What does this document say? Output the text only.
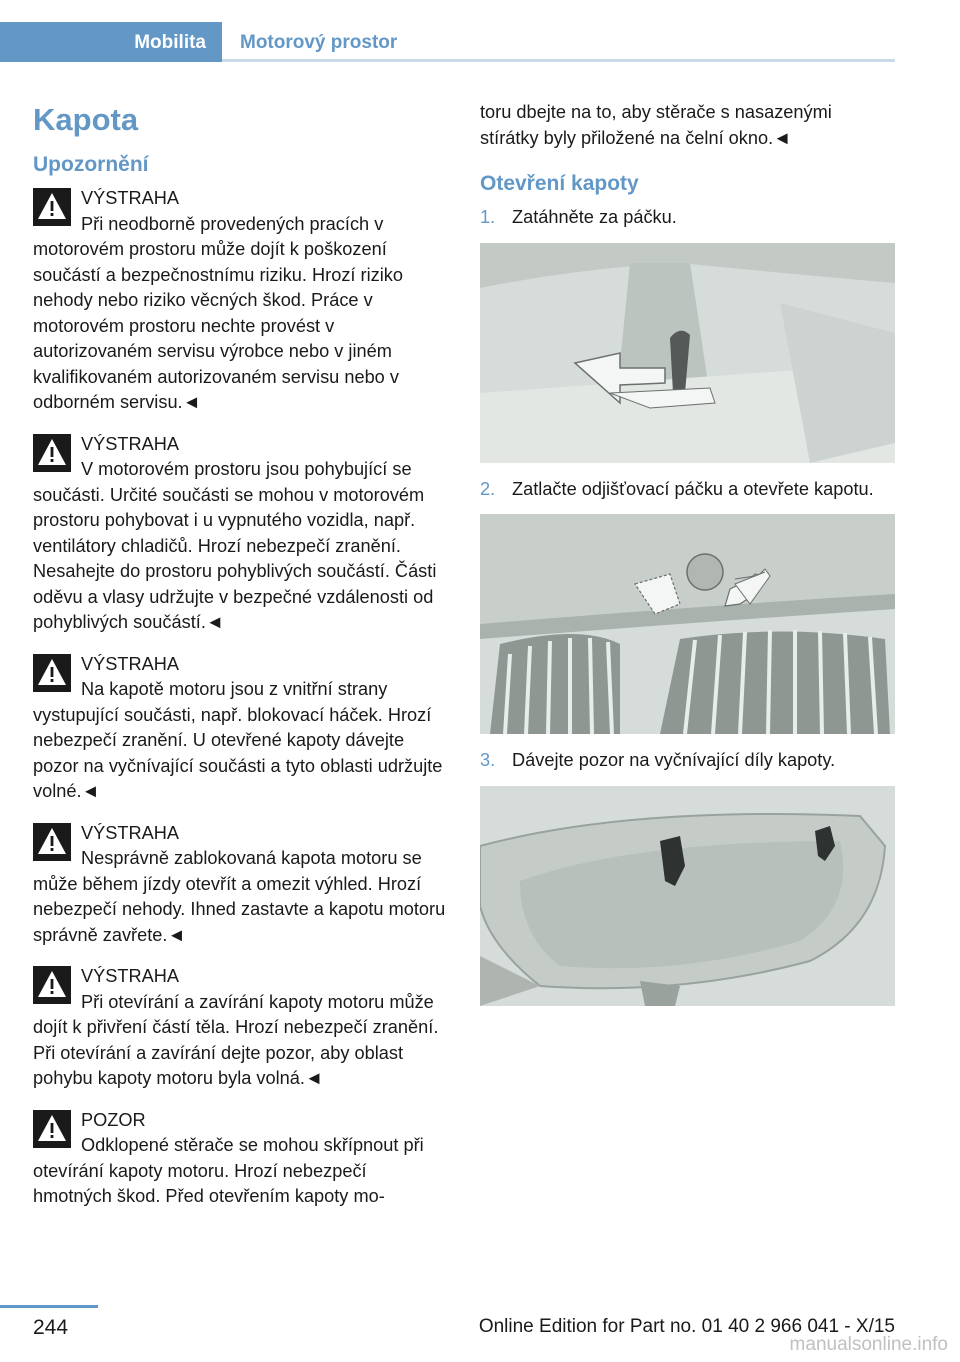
Mobilita	Motorový prostor
Kapota
Upozornění
VÝSTRAHA
Při neodborně provedených pracích v motorovém prostoru může dojít k poškození součástí a bezpečnostnímu riziku. Hrozí riziko nehody nebo riziko věcných škod. Práce v motorovém prostoru nechte provést v autorizovaném servisu výrobce nebo v jiném kvalifikovaném autorizovaném servisu nebo v odborném servisu.◄
VÝSTRAHA
V motorovém prostoru jsou pohybující se součásti. Určité součásti se mohou v motorovém prostoru pohybovat i u vypnutého vozidla, např. ventilátory chladičů. Hrozí nebezpečí zranění. Nesahejte do prostoru pohyblivých součástí. Části oděvu a vlasy udržujte v bezpečné vzdálenosti od pohyblivých součástí.◄
VÝSTRAHA
Na kapotě motoru jsou z vnitřní strany vystupující součásti, např. blokovací háček. Hrozí nebezpečí zranění. U otevřené kapoty dávejte pozor na vyčnívající součásti a tyto oblasti udržujte volné.◄
VÝSTRAHA
Nesprávně zablokovaná kapota motoru se může během jízdy otevřít a omezit výhled. Hrozí nebezpečí nehody. Ihned zastavte a kapotu motoru správně zavřete.◄
VÝSTRAHA
Při otevírání a zavírání kapoty motoru může dojít k přivření částí těla. Hrozí nebezpečí zranění. Při otevírání a zavírání dejte pozor, aby oblast pohybu kapoty motoru byla volná.◄
POZOR
Odklopené stěrače se mohou skřípnout při otevírání kapoty motoru. Hrozí nebezpečí hmotných škod. Před otevřením kapoty mo-

toru dbejte na to, aby stěrače s nasazenými stírátky byly přiložené na čelní okno.◄

Otevření kapoty
1. Zatáhněte za páčku.
2. Zatlačte odjišťovací páčku a otevřete kapotu.
3. Dávejte pozor na vyčnívající díly kapoty.
244	Online Edition for Part no. 01 40 2 966 041 - X/15
manualsonline.info
